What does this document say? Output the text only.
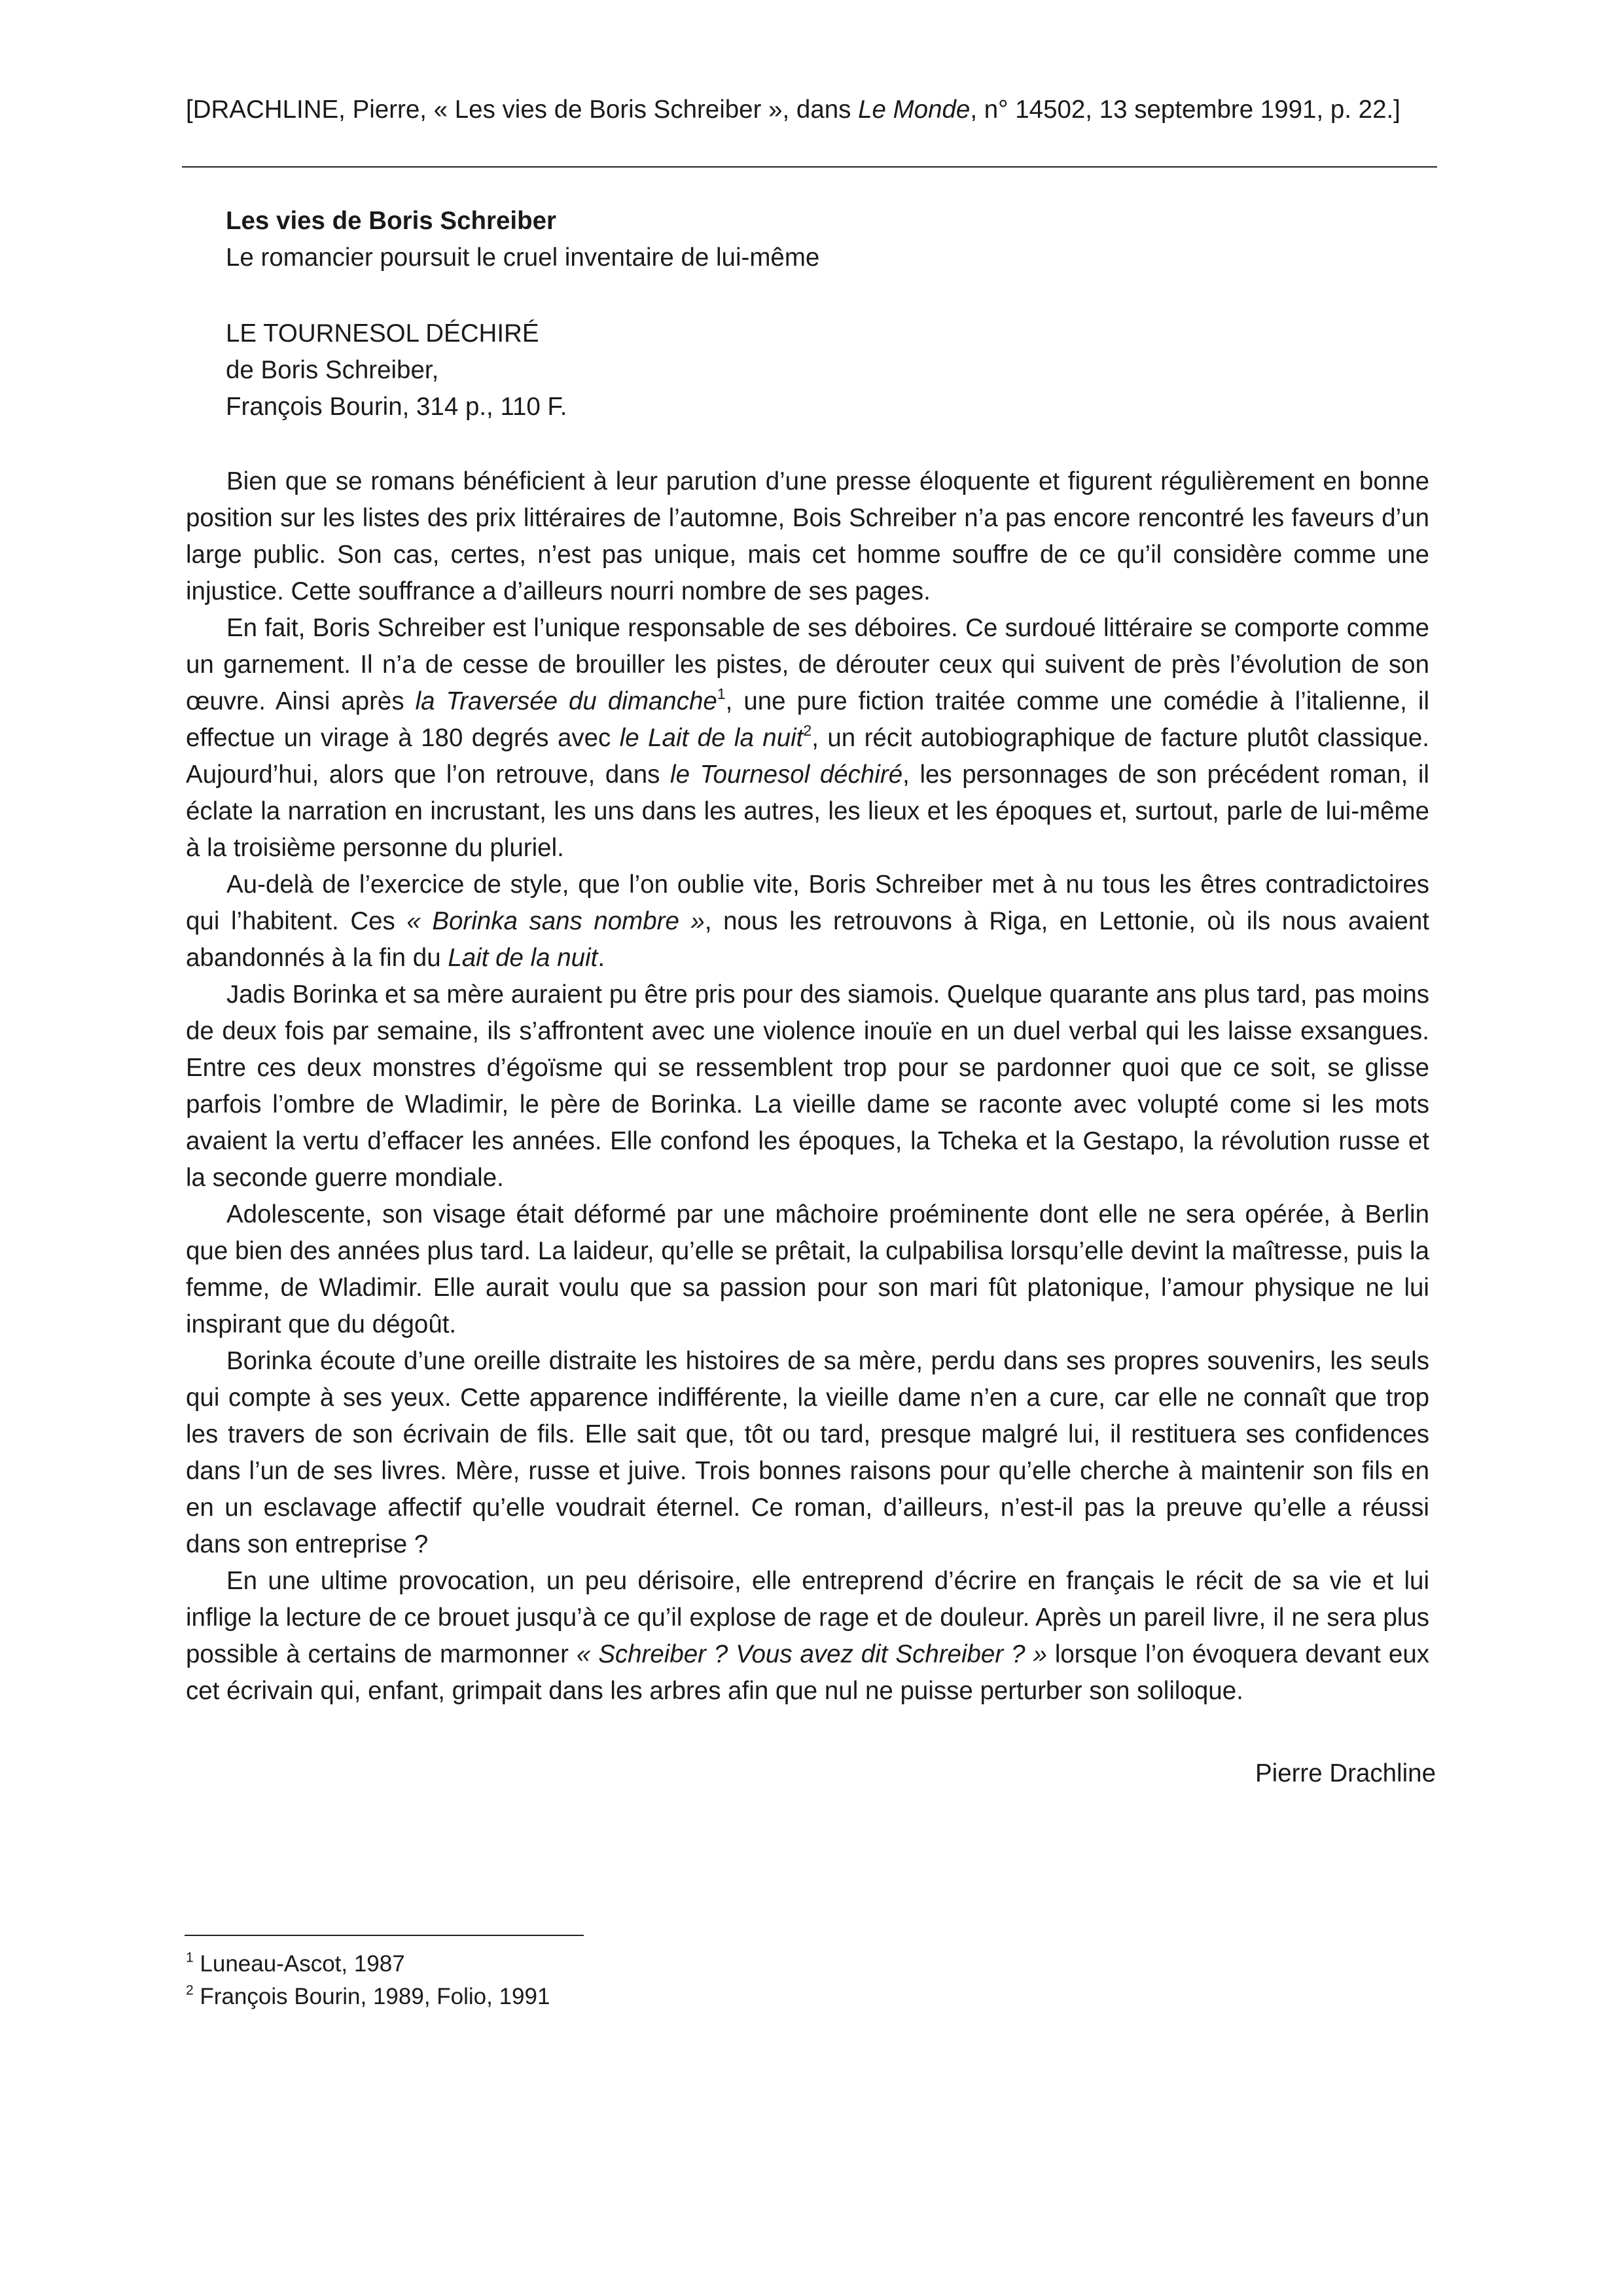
[DRACHLINE, Pierre, « Les vies de Boris Schreiber », dans Le Monde, n° 14502, 13 septembre 1991, p. 22.]
Les vies de Boris Schreiber
Le romancier poursuit le cruel inventaire de lui-même
LE TOURNESOL DÉCHIRÉ
de Boris Schreiber,
François Bourin, 314 p., 110 F.

Bien que se romans bénéficient à leur parution d’une presse éloquente et figurent régulièrement en bonne position sur les listes des prix littéraires de l’automne, Bois Schreiber n’a pas encore rencontré les faveurs d’un large public. Son cas, certes, n’est pas unique, mais cet homme souffre de ce qu’il considère comme une injustice. Cette souffrance a d’ailleurs nourri nombre de ses pages.

En fait, Boris Schreiber est l’unique responsable de ses déboires. Ce surdoué littéraire se comporte comme un garnement. Il n’a de cesse de brouiller les pistes, de dérouter ceux qui suivent de près l’évolution de son œuvre. Ainsi après la Traversée du dimanche$^1$, une pure fiction traitée comme une comédie à l’italienne, il effectue un virage à 180 degrés avec le Lait de la nuit$^2$, un récit autobiographique de facture plutôt classique. Aujourd’hui, alors que l’on retrouve, dans le Tournesol déchiré, les personnages de son précédent roman, il éclate la narration en incrustant, les uns dans les autres, les lieux et les époques et, surtout, parle de lui-même à la troisième personne du pluriel.

Au-delà de l’exercice de style, que l’on oublie vite, Boris Schreiber met à nu tous les êtres contradictoires qui l’habitent. Ces « Borinka sans nombre », nous les retrouvons à Riga, en Lettonie, où ils nous avaient abandonnés à la fin du Lait de la nuit.

Jadis Borinka et sa mère auraient pu être pris pour des siamois. Quelque quarante ans plus tard, pas moins de deux fois par semaine, ils s’affrontent avec une violence inouïe en un duel verbal qui les laisse exsangues. Entre ces deux monstres d’égoïsme qui se ressemblent trop pour se pardonner quoi que ce soit, se glisse parfois l’ombre de Wladimir, le père de Borinka. La vieille dame se raconte avec volupté come si les mots avaient la vertu d’effacer les années. Elle confond les époques, la Tcheka et la Gestapo, la révolution russe et la seconde guerre mondiale.

Adolescente, son visage était déformé par une mâchoire proéminente dont elle ne sera opérée, à Berlin que bien des années plus tard. La laideur, qu’elle se prêtait, la culpabilisa lorsqu’elle devint la maîtresse, puis la femme, de Wladimir. Elle aurait voulu que sa passion pour son mari fût platonique, l’amour physique ne lui inspirant que du dégoût.

Borinka écoute d’une oreille distraite les histoires de sa mère, perdu dans ses propres souvenirs, les seuls qui compte à ses yeux. Cette apparence indifférente, la vieille dame n’en a cure, car elle ne connaît que trop les travers de son écrivain de fils. Elle sait que, tôt ou tard, presque malgré lui, il restituera ses confidences dans l’un de ses livres. Mère, russe et juive. Trois bonnes raisons pour qu’elle cherche à maintenir son fils en en un esclavage affectif qu’elle voudrait éternel. Ce roman, d’ailleurs, n’est-il pas la preuve qu’elle a réussi dans son entreprise ?

En une ultime provocation, un peu dérisoire, elle entreprend d’écrire en français le récit de sa vie et lui inflige la lecture de ce brouet jusqu’à ce qu’il explose de rage et de douleur. Après un pareil livre, il ne sera plus possible à certains de marmonner « Schreiber ? Vous avez dit Schreiber ? » lorsque l’on évoquera devant eux cet écrivain qui, enfant, grimpait dans les arbres afin que nul ne puisse perturber son soliloque.

Pierre Drachline
$^1$ Luneau-Ascot, 1987
$^2$ François Bourin, 1989, Folio, 1991
